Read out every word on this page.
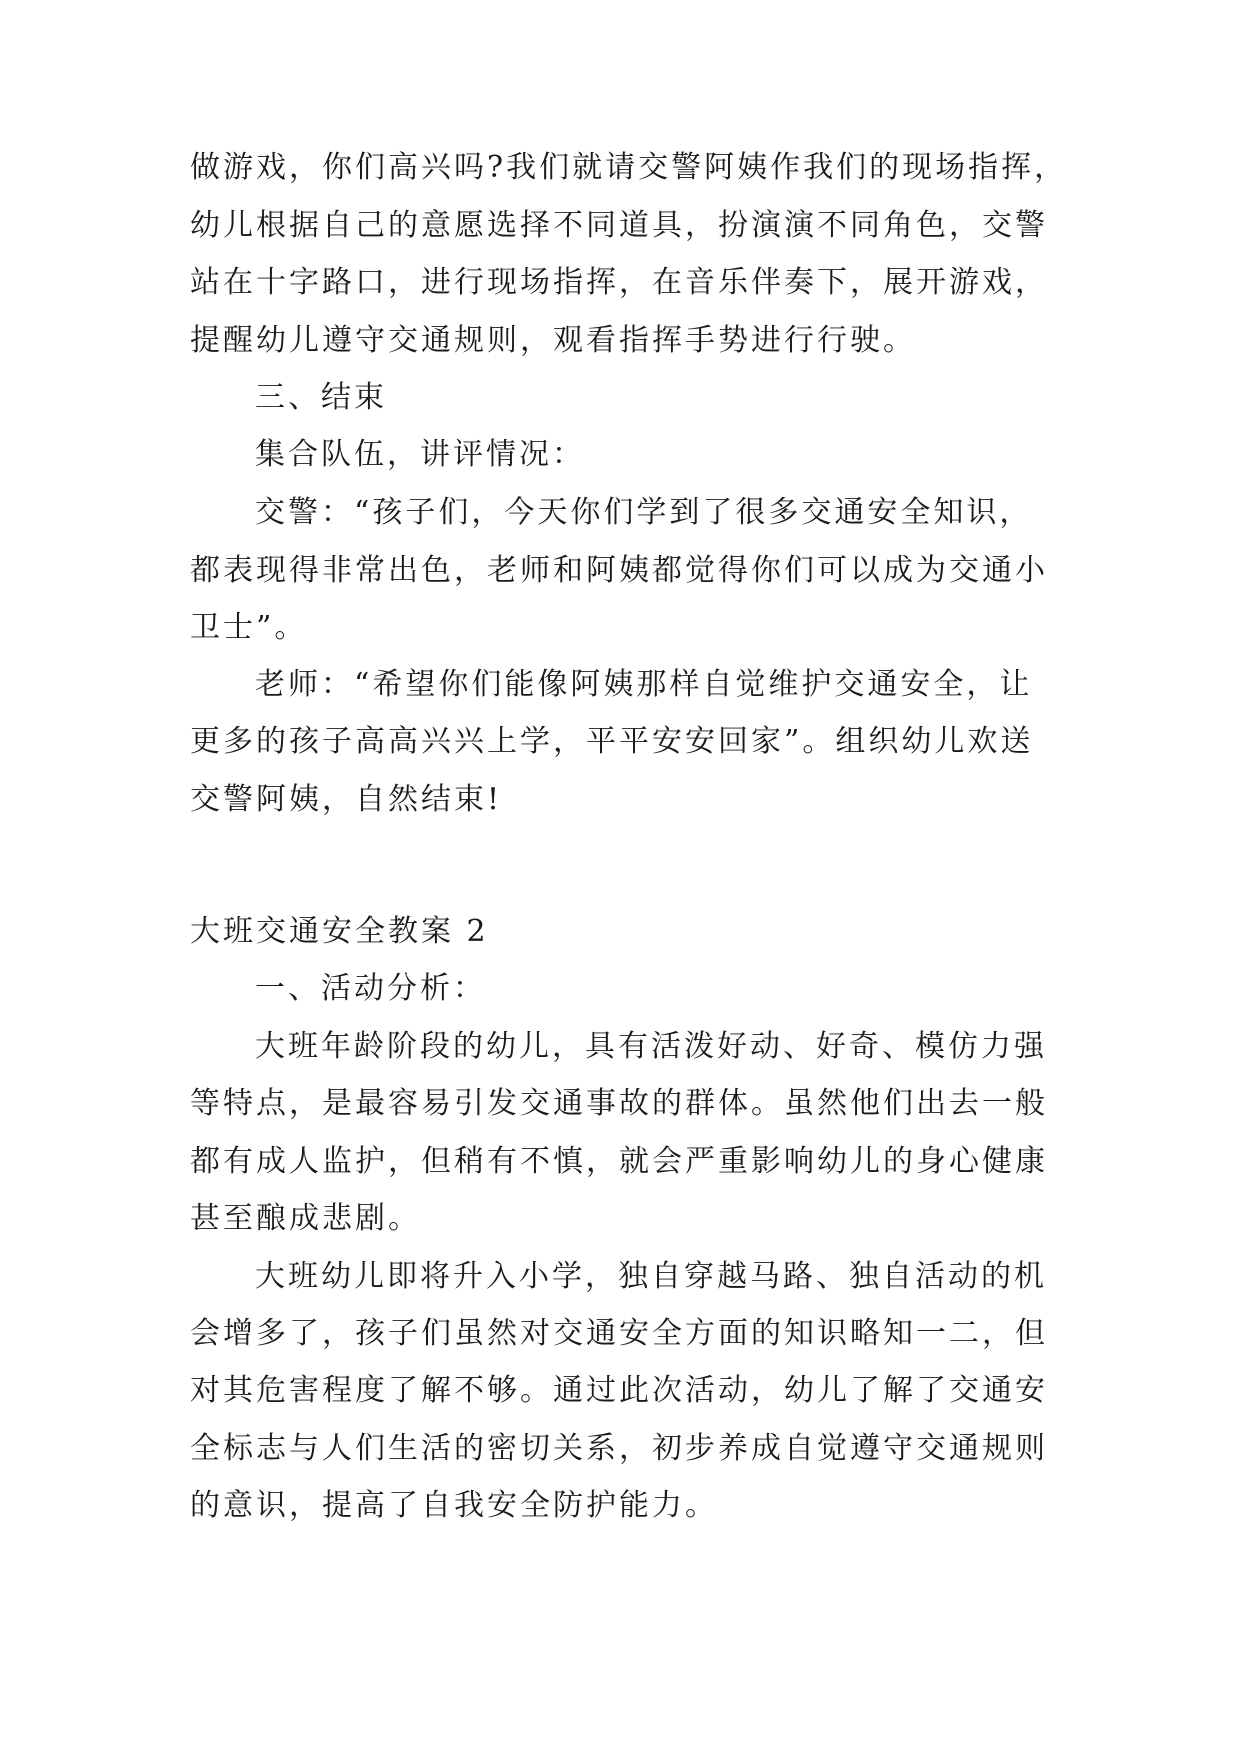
做游戏，你们高兴吗?我们就请交警阿姨作我们的现场指挥，
幼儿根据自己的意愿选择不同道具，扮演演不同角色，交警
站在十字路口，进行现场指挥，在音乐伴奏下，展开游戏，
提醒幼儿遵守交通规则，观看指挥手势进行行驶。
三、结束
集合队伍，讲评情况：
交警：“孩子们，今天你们学到了很多交通安全知识，
都表现得非常出色，老师和阿姨都觉得你们可以成为交通小
卫士”。
老师：“希望你们能像阿姨那样自觉维护交通安全，让
更多的孩子高高兴兴上学，平平安安回家”。组织幼儿欢送
交警阿姨，自然结束!
大班交通安全教案 2
一、活动分析：
大班年龄阶段的幼儿，具有活泼好动、好奇、模仿力强
等特点，是最容易引发交通事故的群体。虽然他们出去一般
都有成人监护，但稍有不慎，就会严重影响幼儿的身心健康
甚至酿成悲剧。
大班幼儿即将升入小学，独自穿越马路、独自活动的机
会增多了，孩子们虽然对交通安全方面的知识略知一二，但
对其危害程度了解不够。通过此次活动，幼儿了解了交通安
全标志与人们生活的密切关系，初步养成自觉遵守交通规则
的意识，提高了自我安全防护能力。
